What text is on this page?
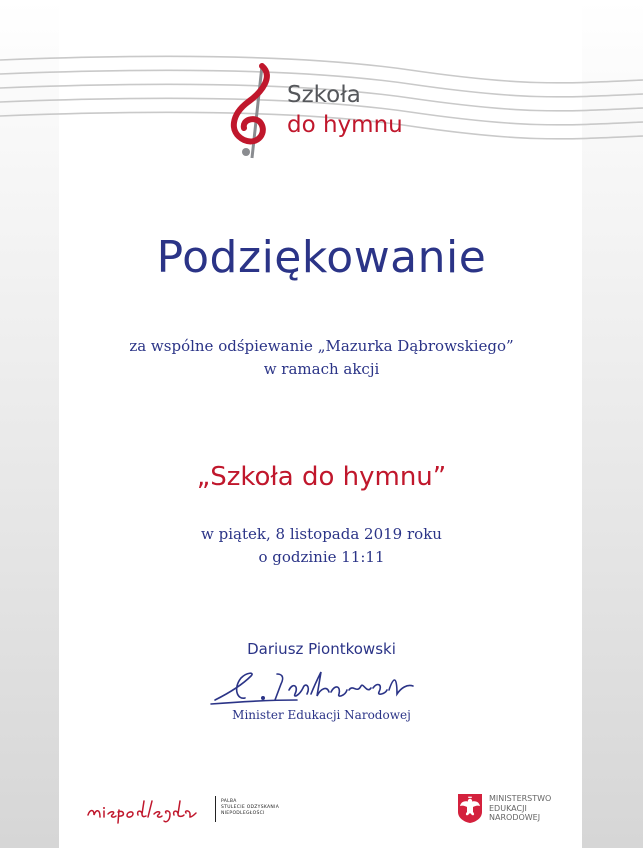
Szkoła
do hymnu
Podziękowanie
za wspólne odśpiewanie „Mazurka Dąbrowskiego”
w ramach akcji
„Szkoła do hymnu”
w piątek, 8 listopada 2019 roku
o godzinie 11:11
Dariusz Piontkowski
Minister Edukacji Narodowej
PALBA
STULECIE ODZYSKANIA
NIEPODLEGŁOŚCI
MINISTERSTWO
EDUKACJI
NARODOWEJ
